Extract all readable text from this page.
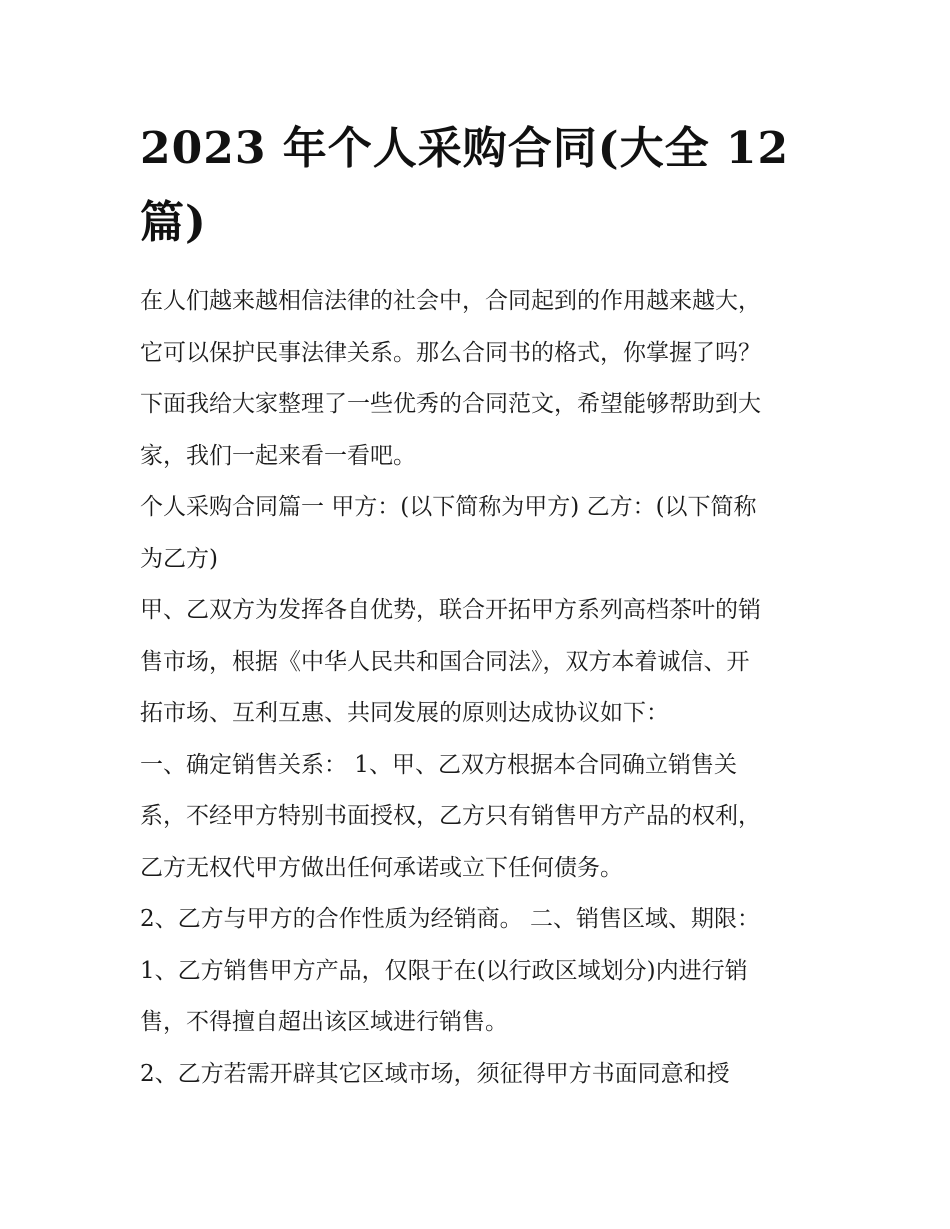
2023 年个人采购合同(大全 12
篇)
在人们越来越相信法律的社会中，合同起到的作用越来越大，
它可以保护民事法律关系。那么合同书的格式，你掌握了吗？
下面我给大家整理了一些优秀的合同范文，希望能够帮助到大
家，我们一起来看一看吧。
个人采购合同篇一 甲方：(以下简称为甲方) 乙方：(以下简称
为乙方)
甲、乙双方为发挥各自优势，联合开拓甲方系列高档茶叶的销
售市场，根据《中华人民共和国合同法》，双方本着诚信、开
拓市场、互利互惠、共同发展的原则达成协议如下：
一、确定销售关系： 1、甲、乙双方根据本合同确立销售关
系，不经甲方特别书面授权，乙方只有销售甲方产品的权利，
乙方无权代甲方做出任何承诺或立下任何债务。
2、乙方与甲方的合作性质为经销商。 二、销售区域、期限：
1、乙方销售甲方产品，仅限于在(以行政区域划分)内进行销
售，不得擅自超出该区域进行销售。
2、乙方若需开辟其它区域市场，须征得甲方书面同意和授
